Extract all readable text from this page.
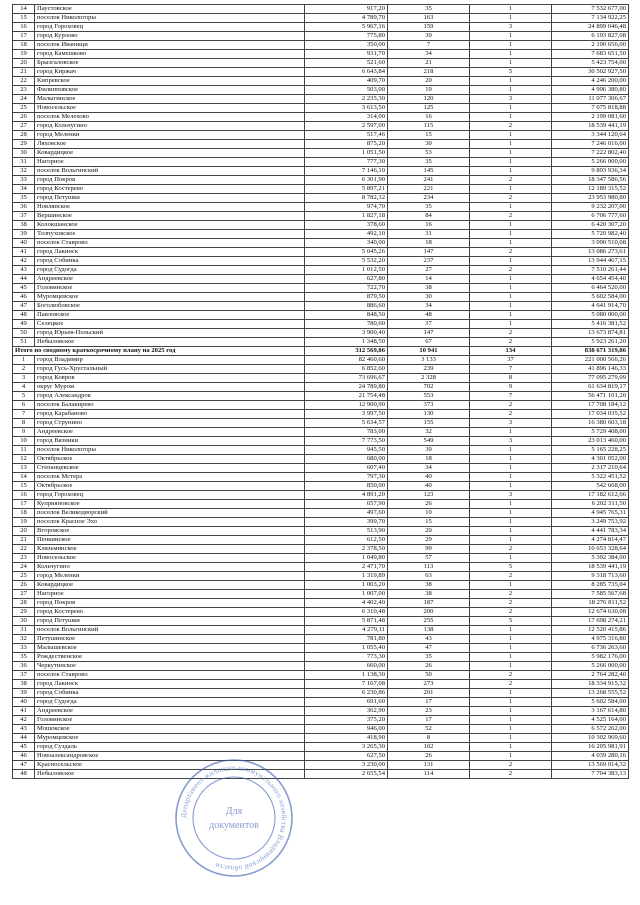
14	Паустовское	917,20	35	1	7 532 677,00
15	поселок Никологоры	4 789,70	163	1	7 134 922,25
16	город Гороховец	5 967,16	159	3	24 899 046,48
17	город Курлово	775,80	39	1	6 193 827,08
18	поселок Иванищи	350,00	7	1	2 190 656,00
19	город Камешково	931,70	34	1	7 683 651,50
20	Брызгаловское	521,60	21	1	5 423 754,00
21	город Киржач	6 643,84	218	5	30 502 927,50
22	Кипревское	409,70	20	1	4 246 200,00
23	Филипповское	503,00	19	1	4 996 380,80
24	Малыгинское	2 235,30	120	3	11 077 306,67
25	Новосельское	3 613,50	125	1	7 075 818,88
26	поселок Мелехово	314,00	16	1	2 199 081,60
27	город Кольчугино	2 597,00	115	2	18 539 441,19
28	город Меленки	517,46	15	1	3 344 120,64
29	Ляховское	875,20	30	1	7 246 016,00
30	Ковардицкое	1 051,50	53	1	7 222 802,40
31	Нагорное	777,30	35	1	5 266 000,00
32	поселок Вольгинский	7 146,10	145	1	9 893 936,34
33	город Покров	6 301,90	241	2	18 347 586,56
34	город Костерево	5 897,21	221	1	12 189 315,52
35	город Петушки	8 782,32	234	2	23 953 980,80
36	Новлянское	974,70	35	1	9 232 207,00
37	Вершинское	1 827,18	84	2	6 706 777,60
38	Колокшанское	378,60	16	1	6 420 307,20
39	Толпуховское	492,10	31	1	5 720 982,40
40	поселок Ставрово	340,00	18	1	3 090 510,08
41	город Лакинск	5 045,26	147	2	13 086 273,61
42	город Собинка	5 532,20	237	1	13 944 467,15
43	город Судогда	1 012,50	27	2	7 510 261,44
44	Андреевское	627,80	14	1	4 654 454,40
45	Головинское	722,70	38	1	6 464 520,00
46	Муромцевское	879,50	30	1	5 602 584,00
47	Боголюбовское	886,60	34	1	4 641 914,70
48	Павловское	848,50	48	1	5 080 000,00
49	Селецкое	780,60	37	1	5 416 381,52
50	город Юрьев-Польский	3 900,40	147	2	13 673 874,81
51	Небыловское	1 348,50	67	2	5 923 261,20
Итого по сводному краткосрочному плану на 2025 год		312 569,86	10 941	134	838 671 319,86
1	город Владимир	82 460,60	3 133	37	221 000 566,26
2	город Гусь-Хрустальный	6 852,60	239	7	41 896 146,33
3	город Ковров	73 696,67	2 328	8	77 095 279,09
4	округ Муром	24 789,80	702	9	61 634 819,17
5	город Александров	21 754,48	553	7	56 471 101,20
6	поселок Балакирево	12 900,90	373	2	17 708 184,12
7	город Карабаново	3 997,50	130	2	17 034 035,52
8	город Струнино	5 634,57	155	3	16 380 603,18
9	Андреевское	783,00	32	1	5 729 408,00
10	город Вязники	7 773,50	549	3	23 013 460,00
11	поселок Никологоры	945,50	39	1	5 165 228,25
12	Октябрьское	680,00	18	1	4 301 052,00
13	Степанцевское	607,40	34	1	2 317 210,64
14	поселок Мстера	797,30	40	1	5 322 451,52
15	Октябрьское	850,00	40	1	542 668,00
16	город Гороховец	4 891,20	123	3	17 182 612,66
17	Куприяновское	657,90	26	1	6 202 311,50
18	поселок Великодворский	497,60	10	1	4 945 765,31
19	поселок Красное Эхо	399,70	15	1	3 249 753,92
20	Второвское	513,90	20	1	4 441 783,34
21	Пенкинское	612,50	29	1	4 274 814,47
22	Клязьминское	2 378,50	99	2	10 653 328,64
23	Новосельское	1 049,80	57	1	5 392 384,00
24	Кольчугино	2 471,70	113	5	18 539 441,19
25	город Меленки	1 319,89	63	2	9 318 713,60
26	Ковардицкое	1 003,20	38	1	8 285 735,04
27	Нагорное	1 007,00	38	2	7 585 567,68
28	город Покров	4 402,40	187	2	18 276 811,52
29	город Костерево	6 310,48	200	2	12 674 630,08
30	город Петушки	5 871,48	255	5	17 698 274,21
31	поселок Вольгинский	4 279,11	138	1	12 520 415,86
32	Петушинское	781,80	43	1	4 975 316,80
33	Малышевское	1 055,40	47	1	6 736 263,60
35	Рождественское	773,30	35	1	5 982 176,00
36	Черкутинское	660,00	26	1	5 266 000,00
37	поселок Ставрово	1 138,30	50	2	2 764 282,40
38	город Лакинск	7 167,08	273	2	18 334 915,32
39	город Собинка	6 230,86	201	1	13 268 555,52
40	город Судогда	691,60	17	1	5 602 584,00
41	Андреевское	362,90	23	1	3 167 614,80
42	Головинское	375,20	17	1	4 525 164,00
43	Мошокское	946,00	52	1	6 572 262,00
44	Муромцевское	418,90	8	1	10 302 969,60
45	город Суздаль	3 265,30	102	1	16 205 981,91
46	Новоалександровское	627,50	26	1	4 039 280,16
47	Красносельское	3 230,00	131	2	13 569 014,32
48	Небыловское	2 655,54	114	2	7 704 383,13
Департамент жилищно-коммунального хозяйства Владимирской области
Для
документов
